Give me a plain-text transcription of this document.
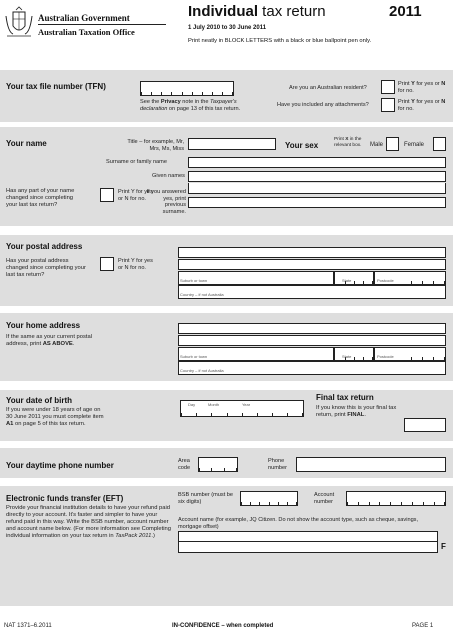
Australian Government
Australian Taxation Office
Individual tax return	2011
1 July 2010 to 30 June 2011
Print neatly in BLOCK LETTERS with a black or blue ballpoint pen only.
Your tax file number (TFN)
See the Privacy note in the Taxpayer's declaration on page 13 of this tax return.
Are you an Australian resident?
Print Y for yes or N for no.
Have you included any attachments?	Print Y for yes or N for no.
Your name	Title – for example, Mr, Mrs, Ms, Miss	Your sex
Print X in the relevant box.	Male	Female
Surname or family name
Given names
Has any part of your name changed since completing your last tax return?
Print Y for yes or N for no.
If you answered yes, print previous surname.
Your postal address
Has your postal address changed since completing your last tax return?
Print Y for yes or N for no.
Suburb or town	State	Postcode
Country – if not Australia
Your home address
If the same as your current postal address, print AS ABOVE.
Suburb or town	State	Postcode
Country – if not Australia
Your date of birth
If you were under 18 years of age on 30 June 2011 you must complete item A1 on page 5 of this tax return.
Day	Month	Year
Final tax return
If you know this is your final tax return, print FINAL.
Your daytime phone number	Area code
Phone number
Electronic funds transfer (EFT)
Provide your financial institution details to have your refund paid directly to your account. It's faster and simpler to have your refund paid in this way. Write the BSB number, account number and account name below. (For more information see Completing individual information on your tax return in TaxPack 2011.)
BSB number (must be six digits)
Account number
Account name (for example, JQ Citizen. Do not show the account type, such as cheque, savings, mortgage offset)
F
NAT 1371–6.2011	IN-CONFIDENCE – when completed	PAGE 1
